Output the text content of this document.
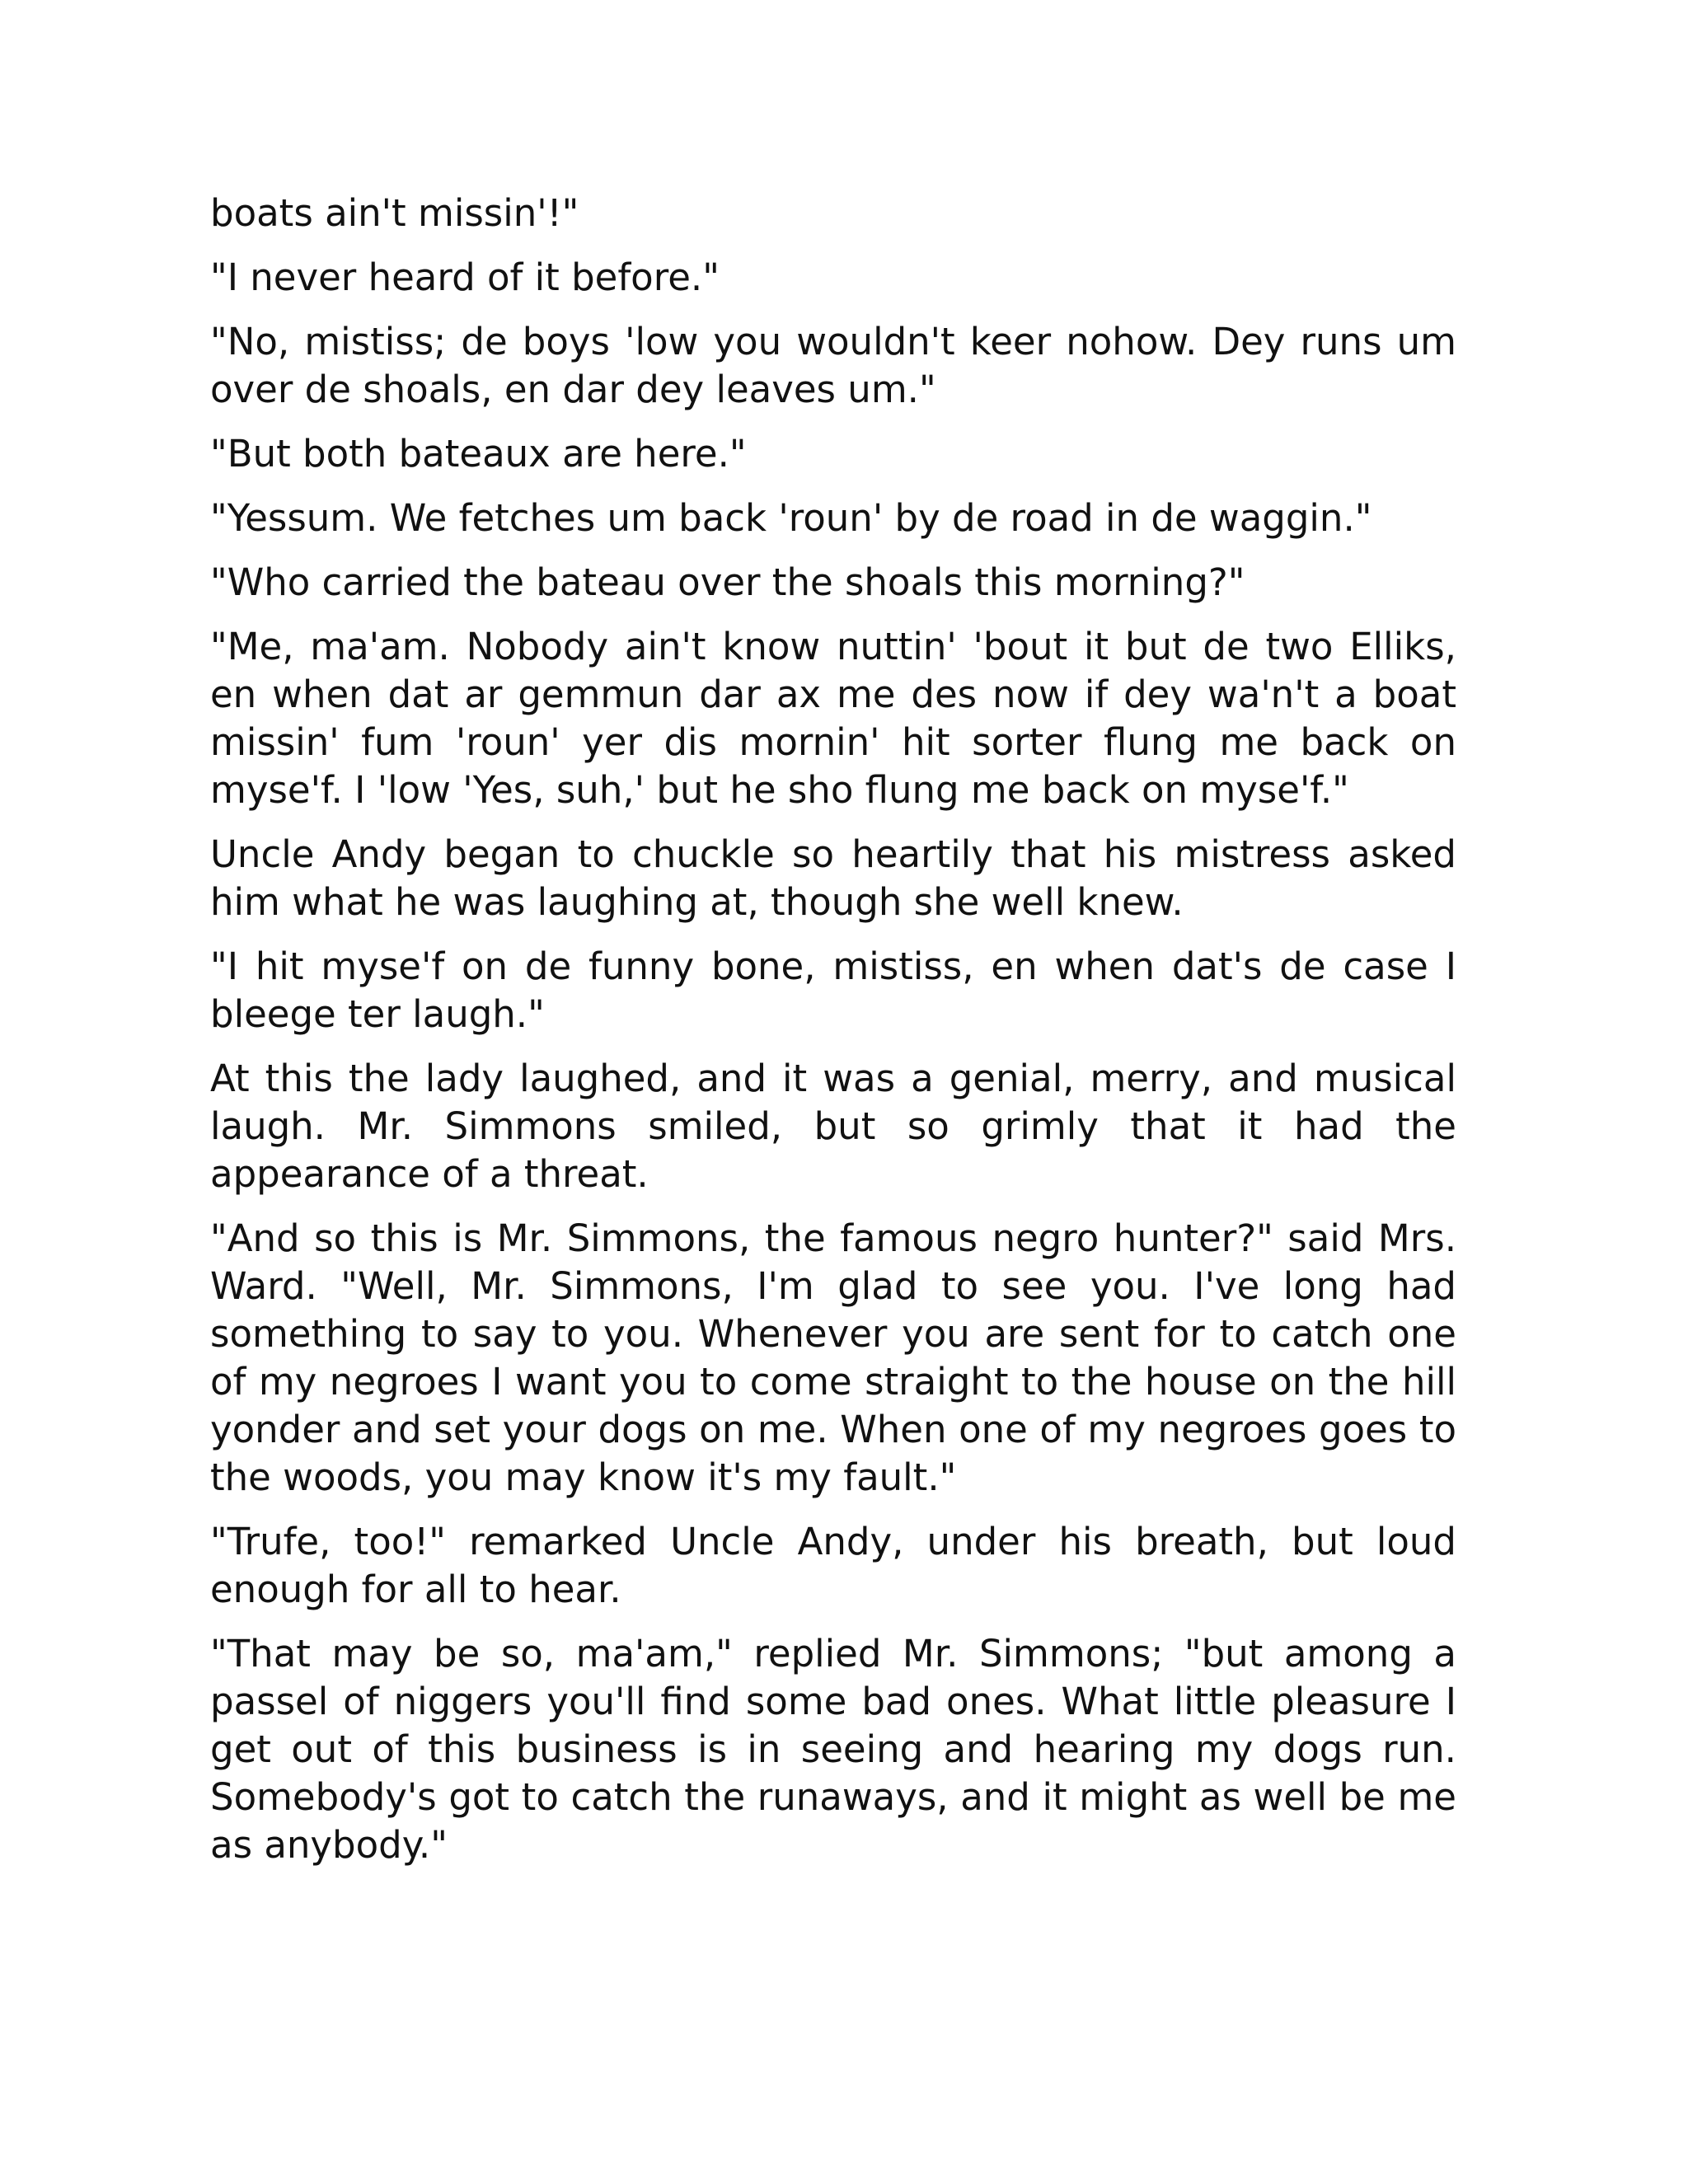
boats ain't missin'!"

"I never heard of it before."

"No, mistiss; de boys 'low you wouldn't keer nohow. Dey runs um over de shoals, en dar dey leaves um."

"But both bateaux are here."

"Yessum. We fetches um back 'roun' by de road in de waggin."

"Who carried the bateau over the shoals this morning?"

"Me, ma'am. Nobody ain't know nuttin' 'bout it but de two Elliks, en when dat ar gemmun dar ax me des now if dey wa'n't a boat missin' fum 'roun' yer dis mornin' hit sorter flung me back on myse'f. I 'low 'Yes, suh,' but he sho flung me back on myse'f."

Uncle Andy began to chuckle so heartily that his mistress asked him what he was laughing at, though she well knew.

"I hit myse'f on de funny bone, mistiss, en when dat's de case I bleege ter laugh."

At this the lady laughed, and it was a genial, merry, and musical laugh. Mr. Simmons smiled, but so grimly that it had the appearance of a threat.

"And so this is Mr. Simmons, the famous negro hunter?" said Mrs. Ward. "Well, Mr. Simmons, I'm glad to see you. I've long had something to say to you. Whenever you are sent for to catch one of my negroes I want you to come straight to the house on the hill yonder and set your dogs on me. When one of my negroes goes to the woods, you may know it's my fault."

"Trufe, too!" remarked Uncle Andy, under his breath, but loud enough for all to hear.

"That may be so, ma'am," replied Mr. Simmons; "but among a passel of niggers you'll find some bad ones. What little pleasure I get out of this business is in seeing and hearing my dogs run. Somebody's got to catch the runaways, and it might as well be me as anybody."
